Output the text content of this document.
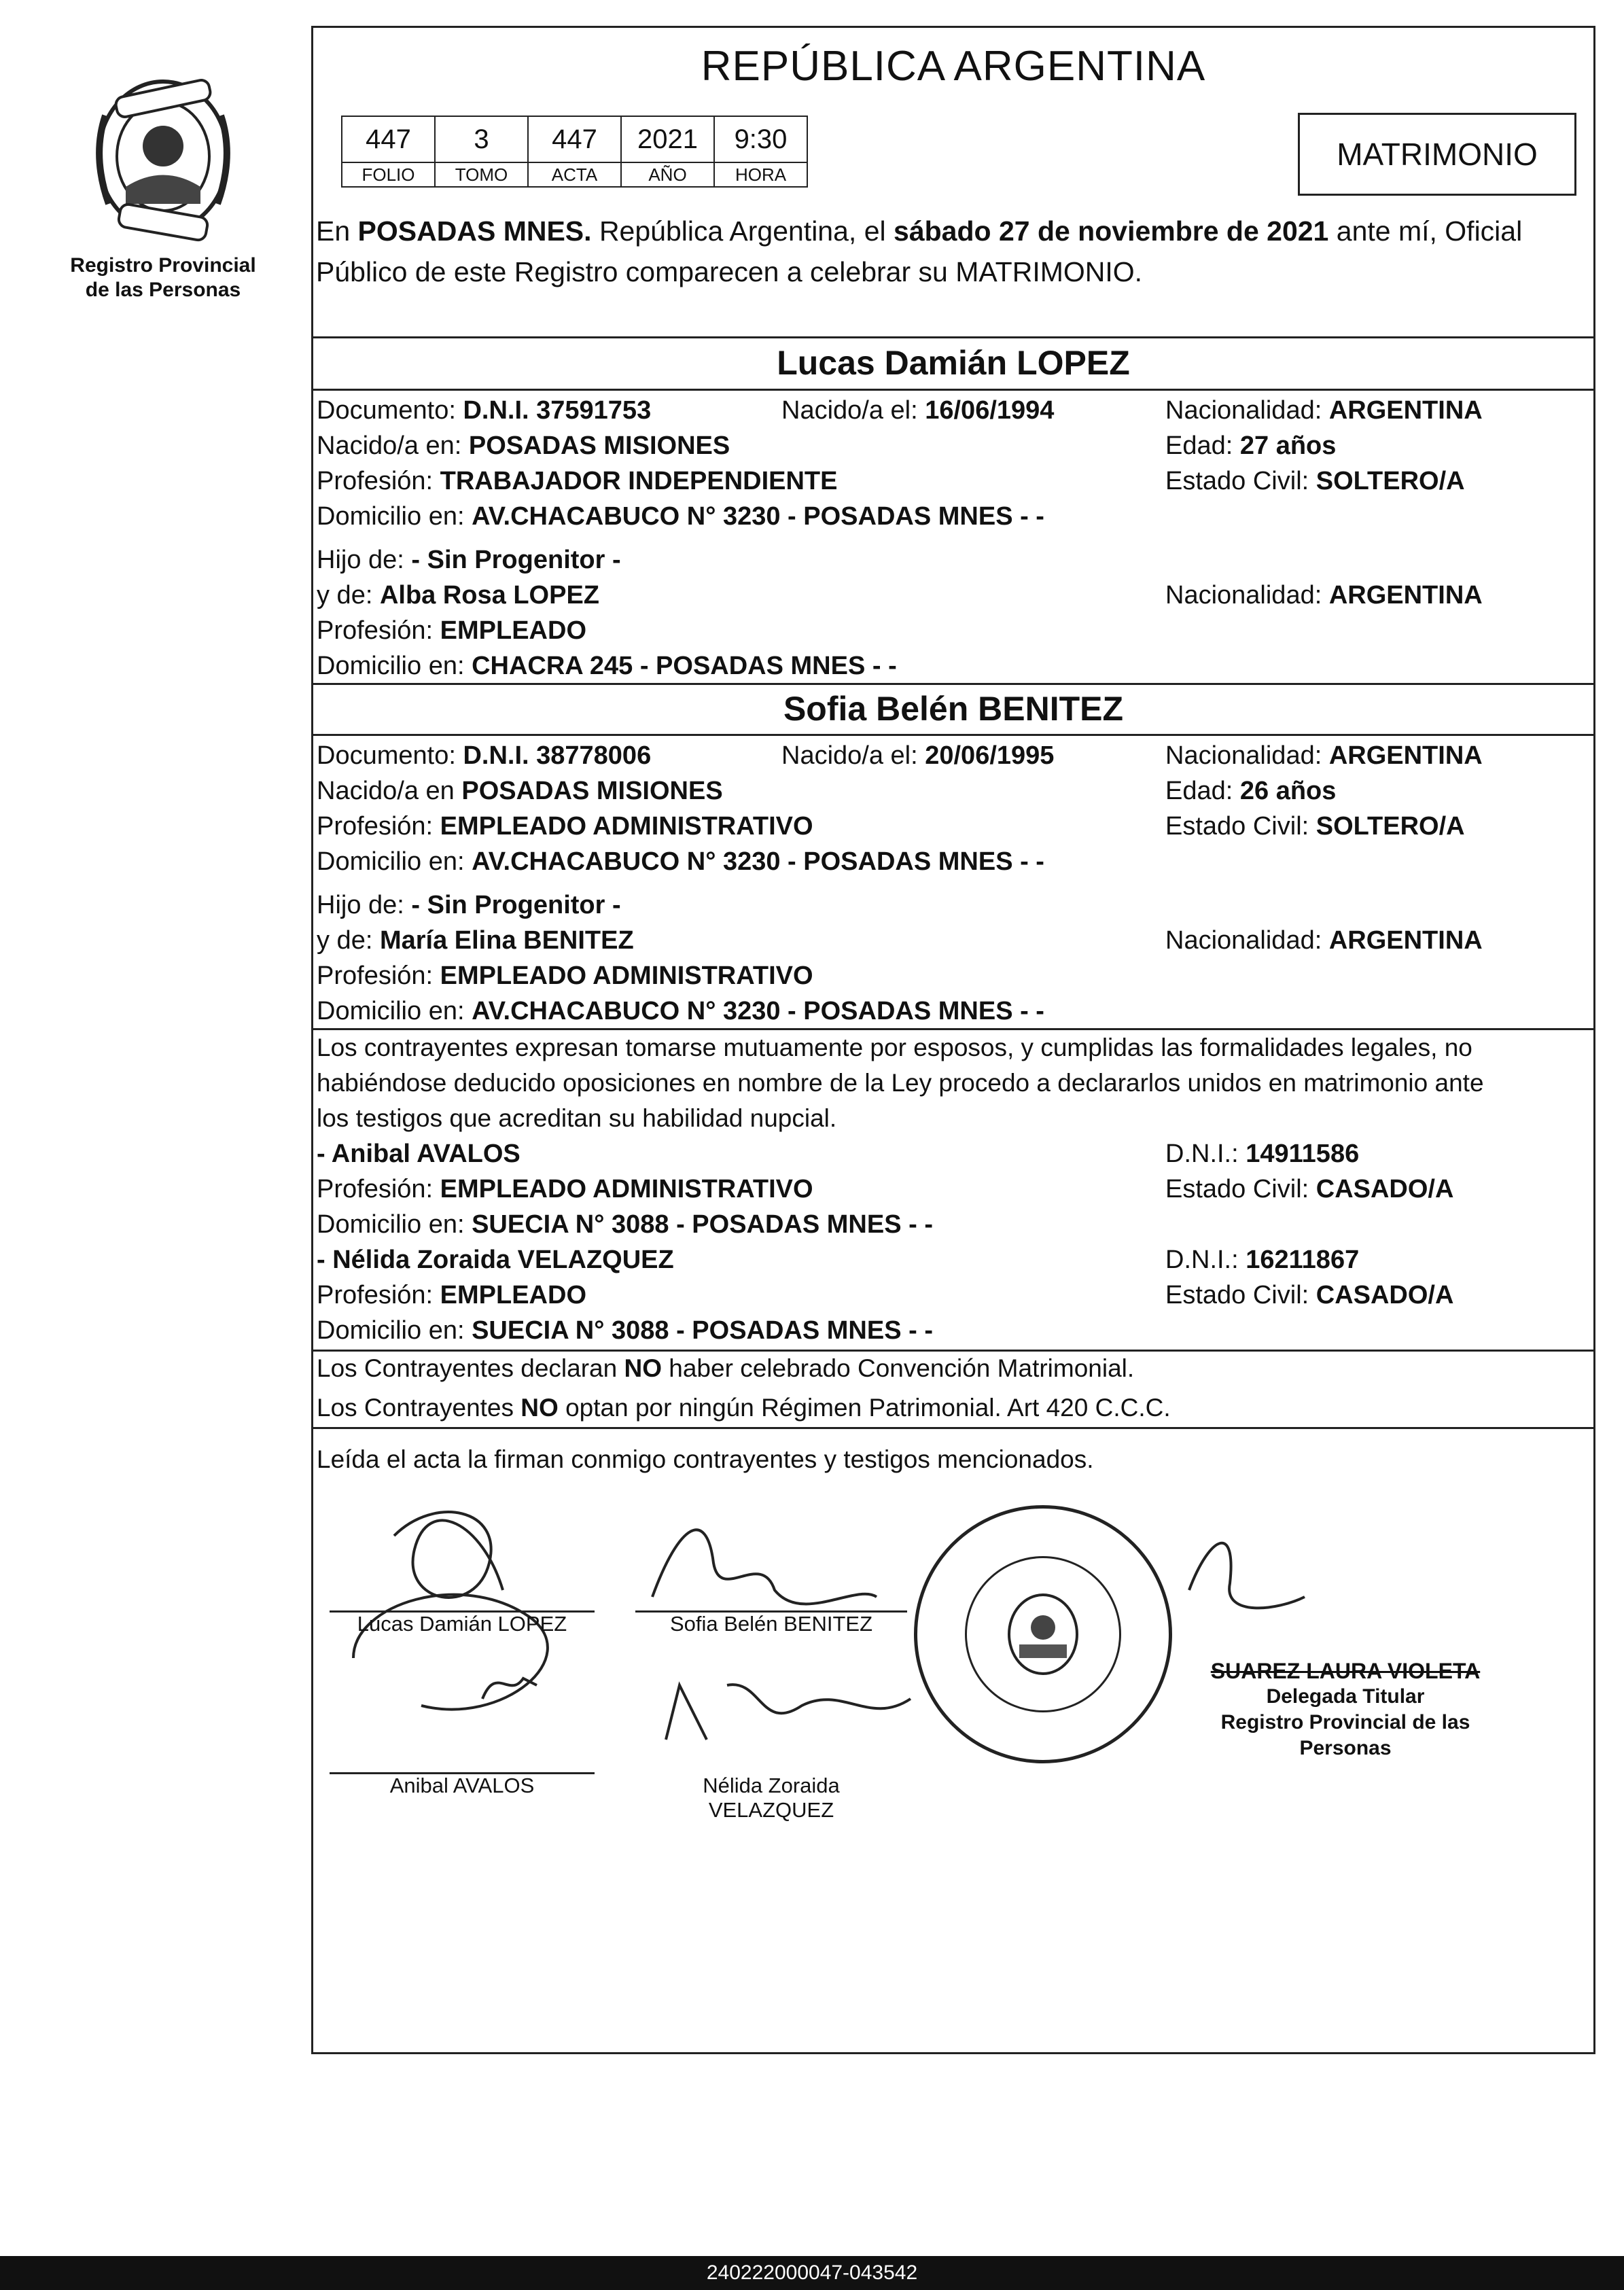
Registro Provincial de las Personas
REPÚBLICA ARGENTINA
447	3	447	2021	9:30
FOLIO	TOMO	ACTA	AÑO	HORA
MATRIMONIO
En POSADAS MNES. República Argentina, el sábado 27 de noviembre de 2021 ante mí, Oficial Público de este Registro comparecen a celebrar su MATRIMONIO.
Lucas Damián LOPEZ
Documento: D.N.I. 37591753	Nacido/a el: 16/06/1994	Nacionalidad: ARGENTINA
Nacido/a en: POSADAS MISIONES	Edad: 27 años
Profesión: TRABAJADOR INDEPENDIENTE	Estado Civil: SOLTERO/A
Domicilio en: AV.CHACABUCO N° 3230 - POSADAS MNES - -
Hijo de: - Sin Progenitor -
y de: Alba Rosa LOPEZ	Nacionalidad: ARGENTINA
Profesión: EMPLEADO
Domicilio en: CHACRA 245 - POSADAS MNES - -
Sofia Belén BENITEZ
Documento: D.N.I. 38778006	Nacido/a el: 20/06/1995	Nacionalidad: ARGENTINA
Nacido/a en POSADAS MISIONES	Edad: 26 años
Profesión: EMPLEADO ADMINISTRATIVO	Estado Civil: SOLTERO/A
Domicilio en: AV.CHACABUCO N° 3230 - POSADAS MNES - -
Hijo de: - Sin Progenitor -
y de: María Elina BENITEZ	Nacionalidad: ARGENTINA
Profesión: EMPLEADO ADMINISTRATIVO
Domicilio en: AV.CHACABUCO N° 3230 - POSADAS MNES - -
Los contrayentes expresan tomarse mutuamente por esposos, y cumplidas las formalidades legales, no
habiéndose deducido oposiciones en nombre de la Ley procedo a declararlos unidos en matrimonio ante
los testigos que acreditan su habilidad nupcial.
- Anibal AVALOS	D.N.I.: 14911586
Profesión: EMPLEADO ADMINISTRATIVO	Estado Civil: CASADO/A
Domicilio en: SUECIA N° 3088 - POSADAS MNES - -
- Nélida Zoraida VELAZQUEZ	D.N.I.: 16211867
Profesión: EMPLEADO	Estado Civil: CASADO/A
Domicilio en: SUECIA N° 3088 - POSADAS MNES - -
Los Contrayentes declaran NO haber celebrado Convención Matrimonial.
Los Contrayentes NO optan por ningún Régimen Patrimonial. Art 420 C.C.C.
Leída el acta la firman conmigo contrayentes y testigos mencionados.
Lucas Damián LOPEZ	Sofia Belén BENITEZ
Anibal AVALOS	Nélida Zoraida
VELAZQUEZ
SUAREZ LAURA VIOLETA
Delegada Titular
Registro Provincial de las Personas
240222000047-043542
